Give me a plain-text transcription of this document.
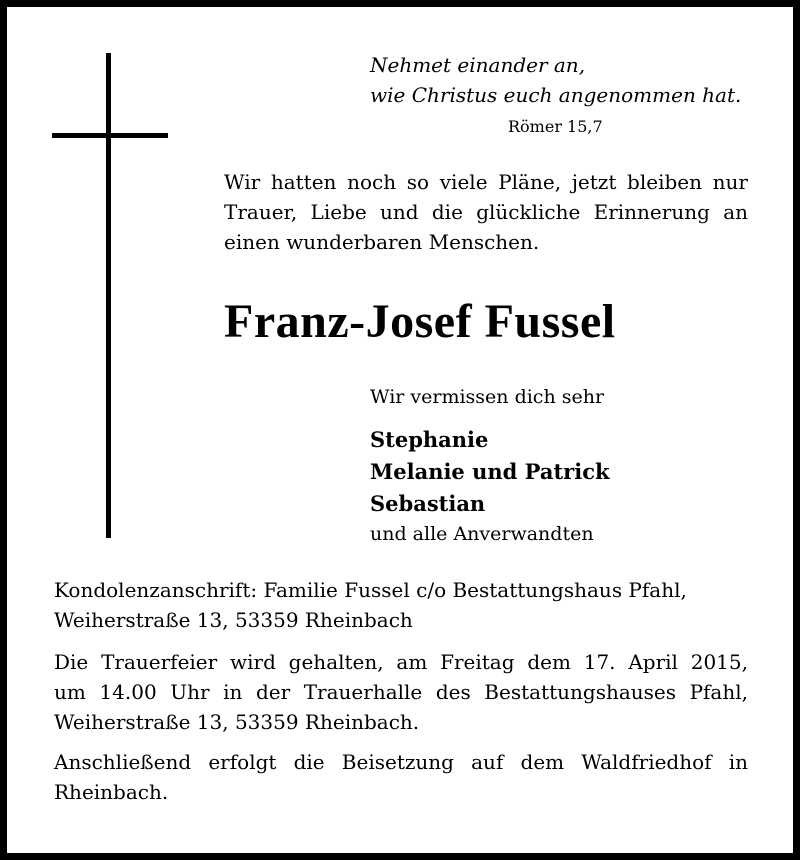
Nehmet einander an,
wie Christus euch angenommen hat.
Römer 15,7
Wir hatten noch so viele Pläne, jetzt bleiben nur
Trauer, Liebe und die glückliche Erinnerung an
einen wunderbaren Menschen.
Franz-Josef Fussel
Wir vermissen dich sehr
Stephanie
Melanie und Patrick
Sebastian
und alle Anverwandten
Kondolenzanschrift: Familie Fussel c/o Bestattungshaus Pfahl,
Weiherstraße 13, 53359 Rheinbach
Die Trauerfeier wird gehalten, am Freitag dem 17. April 2015,
um 14.00 Uhr in der Trauerhalle des Bestattungshauses Pfahl,
Weiherstraße 13, 53359 Rheinbach.
Anschließend erfolgt die Beisetzung auf dem Waldfriedhof in
Rheinbach.
